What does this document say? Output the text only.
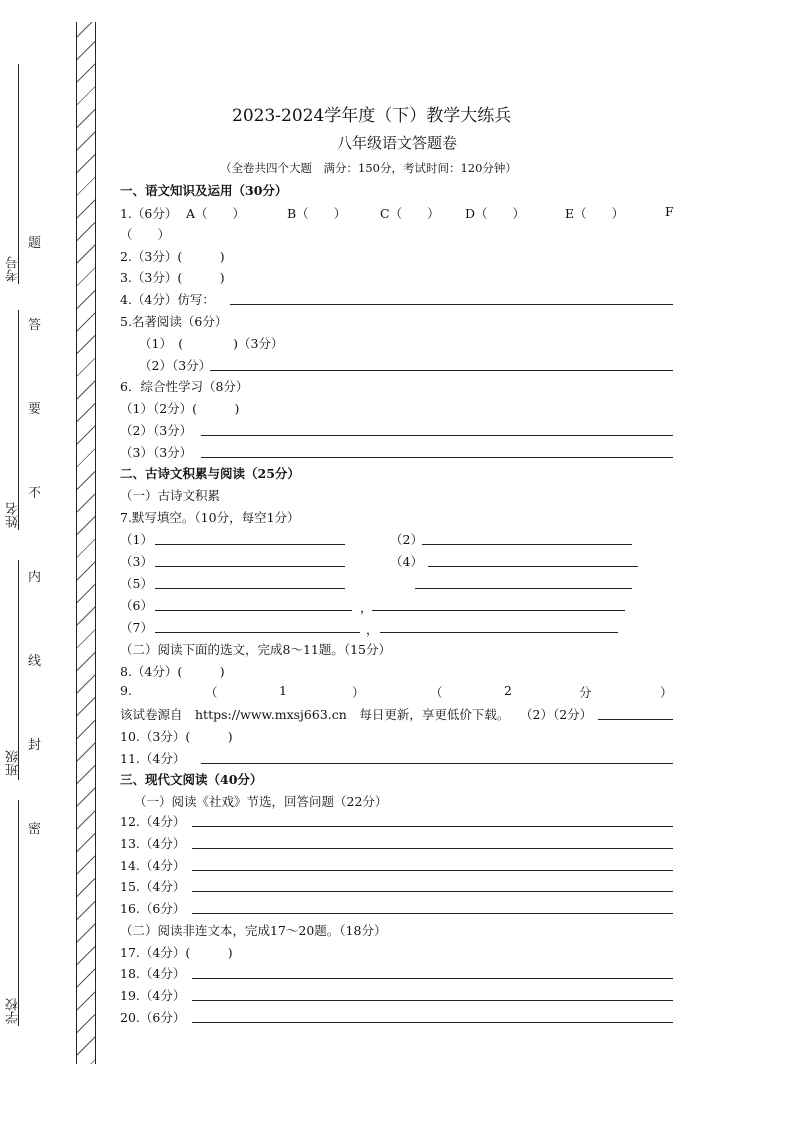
考号
姓名
班级
学校
题
答
要
不
内
线
封
密
2023-2024学年度（下）教学大练兵
八年级语文答题卷
（全卷共四个大题　满分：150分，考试时间：120分钟）
一、语文知识及运用（30分）
1.（6分） A（　　）	B（　　）	C（　　） D（　　）	E（　　）	F
（　　）
2.（3分）(　　　)
3.（3分）(　　　)
4.（4分）仿写：
5.名著阅读（6分）
（1）　(　　　　)（3分）
（2）（3分）
6．综合性学习（8分）
（1）（2分）(　　　)
（2）（3分）
（3）（3分）
二、古诗文积累与阅读（25分）
（一）古诗文积累
7.默写填空。（10分，每空1分）
（1）	（2）
（3）	（4）
（5）
（6）	，
（7）	，
（二）阅读下面的选文，完成8～11题。（15分）
8.（4分）(　　　)
9.	（	1	）	（	2	分	）
该试卷源自　https://www.mxsj663.cn　每日更新，享更低价下载。 （2）（2分）
10.（3分）(　　　)
11.（4分）
三、现代文阅读（40分）
（一）阅读《社戏》节选，回答问题（22分）
12.（4分）
13.（4分）
14.（4分）
15.（4分）
16.（6分）
（二）阅读非连文本，完成17～20题。（18分）
17.（4分）(　　　)
18.（4分）
19.（4分）
20.（6分）
